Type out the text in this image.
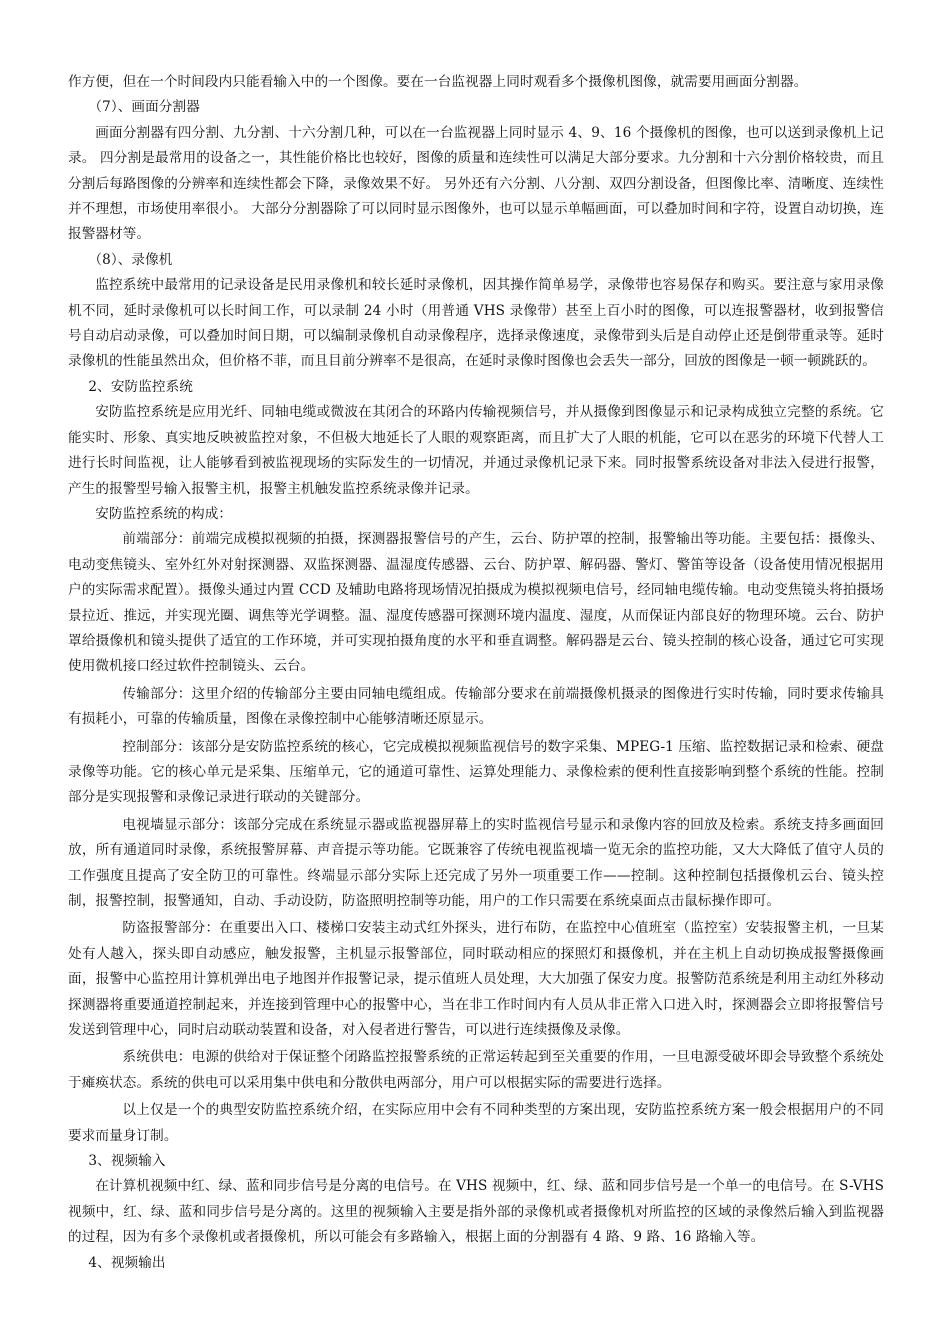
作方便，但在一个时间段内只能看输入中的一个图像。要在一台监视器上同时观看多个摄像机图像，就需要用画面分割器。

（7）、画面分割器

画面分割器有四分割、九分割、十六分割几种，可以在一台监视器上同时显示 4、9、16 个摄像机的图像，也可以送到录像机上记录。 四分割是最常用的设备之一，其性能价格比也较好，图像的质量和连续性可以满足大部分要求。九分割和十六分割价格较贵，而且分割后每路图像的分辨率和连续性都会下降，录像效果不好。 另外还有六分割、八分割、双四分割设备，但图像比率、清晰度、连续性并不理想，市场使用率很小。 大部分分割器除了可以同时显示图像外，也可以显示单幅画面，可以叠加时间和字符，设置自动切换，连报警器材等。

（8）、录像机

监控系统中最常用的记录设备是民用录像机和较长延时录像机，因其操作简单易学，录像带也容易保存和购买。要注意与家用录像机不同，延时录像机可以长时间工作，可以录制 24 小时（用普通 VHS 录像带）甚至上百小时的图像，可以连报警器材，收到报警信号自动启动录像，可以叠加时间日期，可以编制录像机自动录像程序，选择录像速度，录像带到头后是自动停止还是倒带重录等。延时录像机的性能虽然出众，但价格不菲，而且目前分辨率不是很高，在延时录像时图像也会丢失一部分，回放的图像是一顿一顿跳跃的。

2、安防监控系统

安防监控系统是应用光纤、同轴电缆或微波在其闭合的环路内传输视频信号，并从摄像到图像显示和记录构成独立完整的系统。它能实时、形象、真实地反映被监控对象，不但极大地延长了人眼的观察距离，而且扩大了人眼的机能，它可以在恶劣的环境下代替人工进行长时间监视，让人能够看到被监视现场的实际发生的一切情况，并通过录像机记录下来。同时报警系统设备对非法入侵进行报警，产生的报警型号输入报警主机，报警主机触发监控系统录像并记录。

安防监控系统的构成：

前端部分：前端完成模拟视频的拍摄，探测器报警信号的产生，云台、防护罩的控制，报警输出等功能。主要包括：摄像头、电动变焦镜头、室外红外对射探测器、双监探测器、温湿度传感器、云台、防护罩、解码器、警灯、警笛等设备（设备使用情况根据用户的实际需求配置）。摄像头通过内置 CCD 及辅助电路将现场情况拍摄成为模拟视频电信号，经同轴电缆传输。电动变焦镜头将拍摄场景拉近、推远，并实现光圈、调焦等光学调整。温、湿度传感器可探测环境内温度、湿度，从而保证内部良好的物理环境。云台、防护罩给摄像机和镜头提供了适宜的工作环境，并可实现拍摄角度的水平和垂直调整。解码器是云台、镜头控制的核心设备，通过它可实现使用微机接口经过软件控制镜头、云台。

传输部分：这里介绍的传输部分主要由同轴电缆组成。传输部分要求在前端摄像机摄录的图像进行实时传输，同时要求传输具有损耗小，可靠的传输质量，图像在录像控制中心能够清晰还原显示。

控制部分：该部分是安防监控系统的核心，它完成模拟视频监视信号的数字采集、MPEG-1 压缩、监控数据记录和检索、硬盘录像等功能。它的核心单元是采集、压缩单元，它的通道可靠性、运算处理能力、录像检索的便利性直接影响到整个系统的性能。控制部分是实现报警和录像记录进行联动的关键部分。

电视墙显示部分：该部分完成在系统显示器或监视器屏幕上的实时监视信号显示和录像内容的回放及检索。系统支持多画面回放，所有通道同时录像，系统报警屏幕、声音提示等功能。它既兼容了传统电视监视墙一览无余的监控功能，又大大降低了值守人员的工作强度且提高了安全防卫的可靠性。终端显示部分实际上还完成了另外一项重要工作——控制。这种控制包括摄像机云台、镜头控制，报警控制，报警通知，自动、手动设防，防盗照明控制等功能，用户的工作只需要在系统桌面点击鼠标操作即可。

防盗报警部分：在重要出入口、楼梯口安装主动式红外探头，进行布防，在监控中心值班室（监控室）安装报警主机，一旦某处有人越入，探头即自动感应，触发报警，主机显示报警部位，同时联动相应的探照灯和摄像机，并在主机上自动切换成报警摄像画面，报警中心监控用计算机弹出电子地图并作报警记录，提示值班人员处理，大大加强了保安力度。报警防范系统是利用主动红外移动探测器将重要通道控制起来，并连接到管理中心的报警中心，当在非工作时间内有人员从非正常入口进入时，探测器会立即将报警信号发送到管理中心，同时启动联动装置和设备，对入侵者进行警告，可以进行连续摄像及录像。

系统供电：电源的供给对于保证整个闭路监控报警系统的正常运转起到至关重要的作用，一旦电源受破坏即会导致整个系统处于瘫痪状态。系统的供电可以采用集中供电和分散供电两部分，用户可以根据实际的需要进行选择。

以上仅是一个的典型安防监控系统介绍，在实际应用中会有不同种类型的方案出现，安防监控系统方案一般会根据用户的不同要求而量身订制。

3、视频输入

在计算机视频中红、绿、蓝和同步信号是分离的电信号。在 VHS 视频中，红、绿、蓝和同步信号是一个单一的电信号。在 S-VHS 视频中，红、绿、蓝和同步信号是分离的。这里的视频输入主要是指外部的录像机或者摄像机对所监控的区域的录像然后输入到监视器的过程，因为有多个录像机或者摄像机，所以可能会有多路输入，根据上面的分割器有 4 路、9 路、16 路输入等。

4、视频输出
